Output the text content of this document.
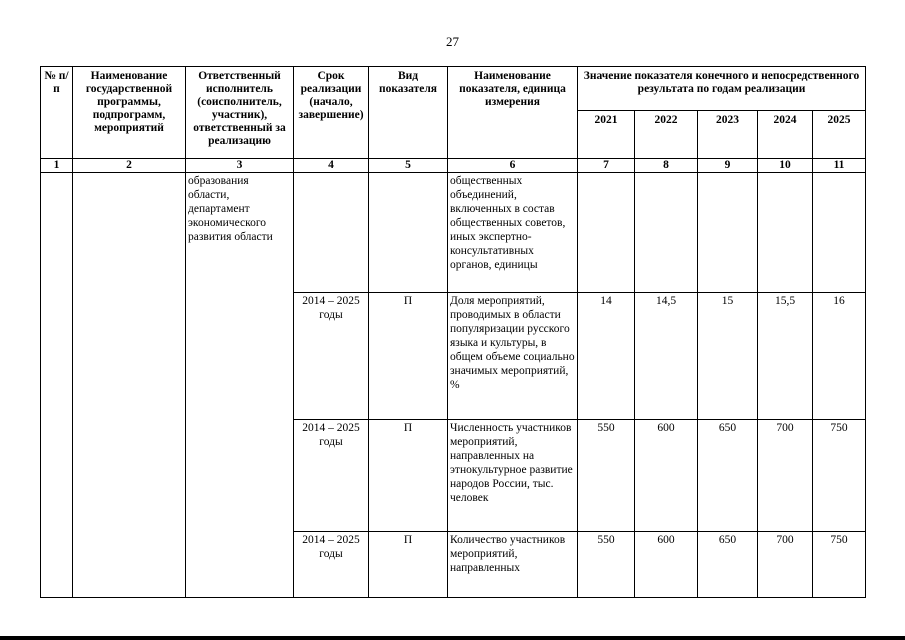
27
№ п/п	Наименование государственной программы, подпрограмм, мероприятий	Ответственный исполнитель (соисполнитель, участник), ответственный за реализацию	Срок реализации (начало, завершение)	Вид показателя	Наименование показателя, единица измерения	Значение показателя конечного и непосредственного результата по годам реализации				
						2021	2022	2023	2024	2025
1	2	3	4	5	6	7	8	9	10	11
		образования области, департамент экономического развития области			общественных объединений, включенных в состав общественных советов, иных экспертно-консультативных органов, единицы					
			2014 – 2025 годы	П	Доля мероприятий, проводимых в области популяризации русского языка и культуры, в общем объеме социально значимых мероприятий, %	14	14,5	15	15,5	16
			2014 – 2025 годы	П	Численность участников мероприятий, направленных на этнокультурное развитие народов России, тыс. человек	550	600	650	700	750
			2014 – 2025 годы	П	Количество участников мероприятий, направленных	550	600	650	700	750
